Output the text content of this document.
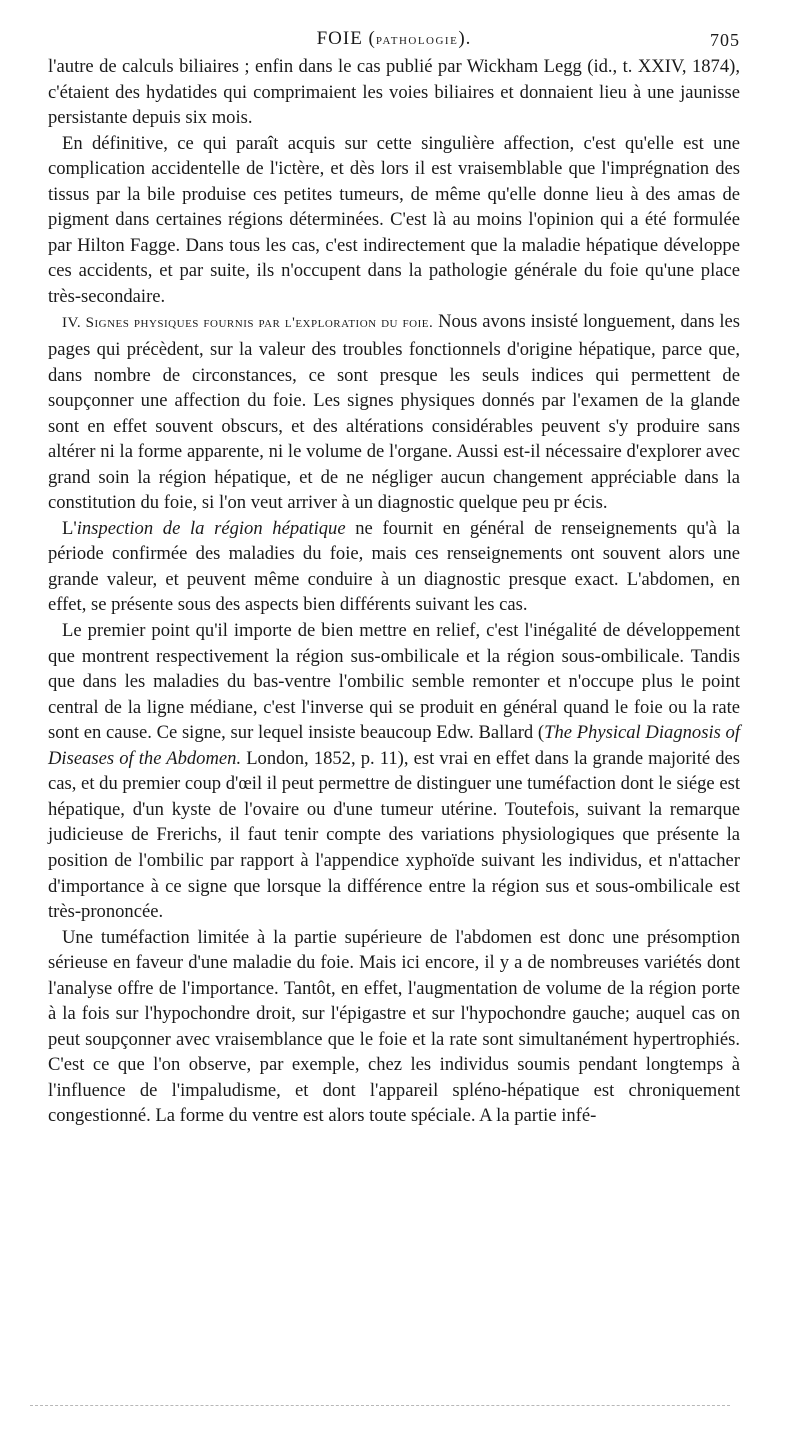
FOIE (pathologie).	705

l'autre de calculs biliaires ; enfin dans le cas publié par Wickham Legg (id., t. XXIV, 1874), c'étaient des hydatides qui comprimaient les voies biliaires et donnaient lieu à une jaunisse persistante depuis six mois.

En définitive, ce qui paraît acquis sur cette singulière affection, c'est qu'elle est une complication accidentelle de l'ictère, et dès lors il est vraisemblable que l'imprégnation des tissus par la bile produise ces petites tumeurs, de même qu'elle donne lieu à des amas de pigment dans certaines régions déterminées. C'est là au moins l'opinion qui a été formulée par Hilton Fagge. Dans tous les cas, c'est indirectement que la maladie hépatique développe ces accidents, et par suite, ils n'occupent dans la pathologie générale du foie qu'une place très-secondaire.

IV. Signes physiques fournis par l'exploration du foie. Nous avons insisté longuement, dans les pages qui précèdent, sur la valeur des troubles fonctionnels d'origine hépatique, parce que, dans nombre de circonstances, ce sont presque les seuls indices qui permettent de soupçonner une affection du foie. Les signes physiques donnés par l'examen de la glande sont en effet souvent obscurs, et des altérations considérables peuvent s'y produire sans altérer ni la forme apparente, ni le volume de l'organe. Aussi est-il nécessaire d'explorer avec grand soin la région hépatique, et de ne négliger aucun changement appréciable dans la constitution du foie, si l'on veut arriver à un diagnostic quelque peu pr écis.

L'inspection de la région hépatique ne fournit en général de renseignements qu'à la période confirmée des maladies du foie, mais ces renseignements ont souvent alors une grande valeur, et peuvent même conduire à un diagnostic presque exact. L'abdomen, en effet, se présente sous des aspects bien différents suivant les cas.

Le premier point qu'il importe de bien mettre en relief, c'est l'inégalité de développement que montrent respectivement la région sus-ombilicale et la région sous-ombilicale. Tandis que dans les maladies du bas-ventre l'ombilic semble remonter et n'occupe plus le point central de la ligne médiane, c'est l'inverse qui se produit en général quand le foie ou la rate sont en cause. Ce signe, sur lequel insiste beaucoup Edw. Ballard (The Physical Diagnosis of Diseases of the Abdomen. London, 1852, p. 11), est vrai en effet dans la grande majorité des cas, et du premier coup d'œil il peut permettre de distinguer une tuméfaction dont le siége est hépatique, d'un kyste de l'ovaire ou d'une tumeur utérine. Toutefois, suivant la remarque judicieuse de Frerichs, il faut tenir compte des variations physiologiques que présente la position de l'ombilic par rapport à l'appendice xyphoïde suivant les individus, et n'attacher d'importance à ce signe que lorsque la différence entre la région sus et sous-ombilicale est très-prononcée.

Une tuméfaction limitée à la partie supérieure de l'abdomen est donc une présomption sérieuse en faveur d'une maladie du foie. Mais ici encore, il y a de nombreuses variétés dont l'analyse offre de l'importance. Tantôt, en effet, l'augmentation de volume de la région porte à la fois sur l'hypochondre droit, sur l'épigastre et sur l'hypochondre gauche; auquel cas on peut soupçonner avec vraisemblance que le foie et la rate sont simultanément hypertrophiés. C'est ce que l'on observe, par exemple, chez les individus soumis pendant longtemps à l'influence de l'impaludisme, et dont l'appareil spléno-hépatique est chroniquement congestionné. La forme du ventre est alors toute spéciale. A la partie infé-
